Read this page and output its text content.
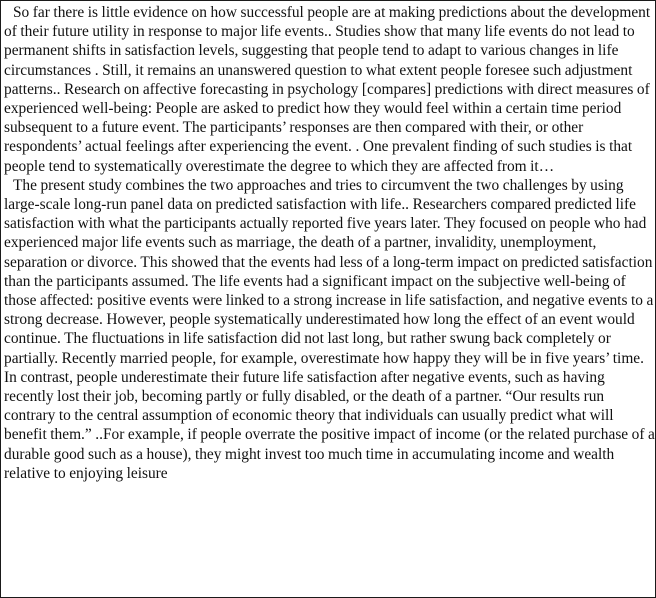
So far there is little evidence on how successful people are at making predictions about the development of their future utility in response to major life events.. Studies show that many life events do not lead to permanent shifts in satisfaction levels, suggesting that people tend to adapt to various changes in life circumstances . Still, it remains an unanswered question to what extent people foresee such adjustment patterns.. Research on affective forecasting in psychology [compares] predictions with direct measures of experienced well-being: People are asked to predict how they would feel within a certain time period subsequent to a future event. The participants’ responses are then compared with their, or other respondents’ actual feelings after experiencing the event. . One prevalent finding of such studies is that people tend to systematically overestimate the degree to which they are affected from it…

The present study combines the two approaches and tries to circumvent the two challenges by using large-scale long-run panel data on predicted satisfaction with life.. Researchers compared predicted life satisfaction with what the participants actually reported five years later. They focused on people who had experienced major life events such as marriage, the death of a partner, invalidity, unemployment, separation or divorce. This showed that the events had less of a long-term impact on predicted satisfaction than the participants assumed. The life events had a significant impact on the subjective well-being of those affected: positive events were linked to a strong increase in life satisfaction, and negative events to a strong decrease. However, people systematically underestimated how long the effect of an event would continue. The fluctuations in life satisfaction did not last long, but rather swung back completely or partially. Recently married people, for example, overestimate how happy they will be in five years’ time. In contrast, people underestimate their future life satisfaction after negative events, such as having recently lost their job, becoming partly or fully disabled, or the death of a partner. “Our results run contrary to the central assumption of economic theory that individuals can usually predict what will benefit them.” ..For example, if people overrate the positive impact of income (or the related purchase of a durable good such as a house), they might invest too much time in accumulating income and wealth relative to enjoying leisure
